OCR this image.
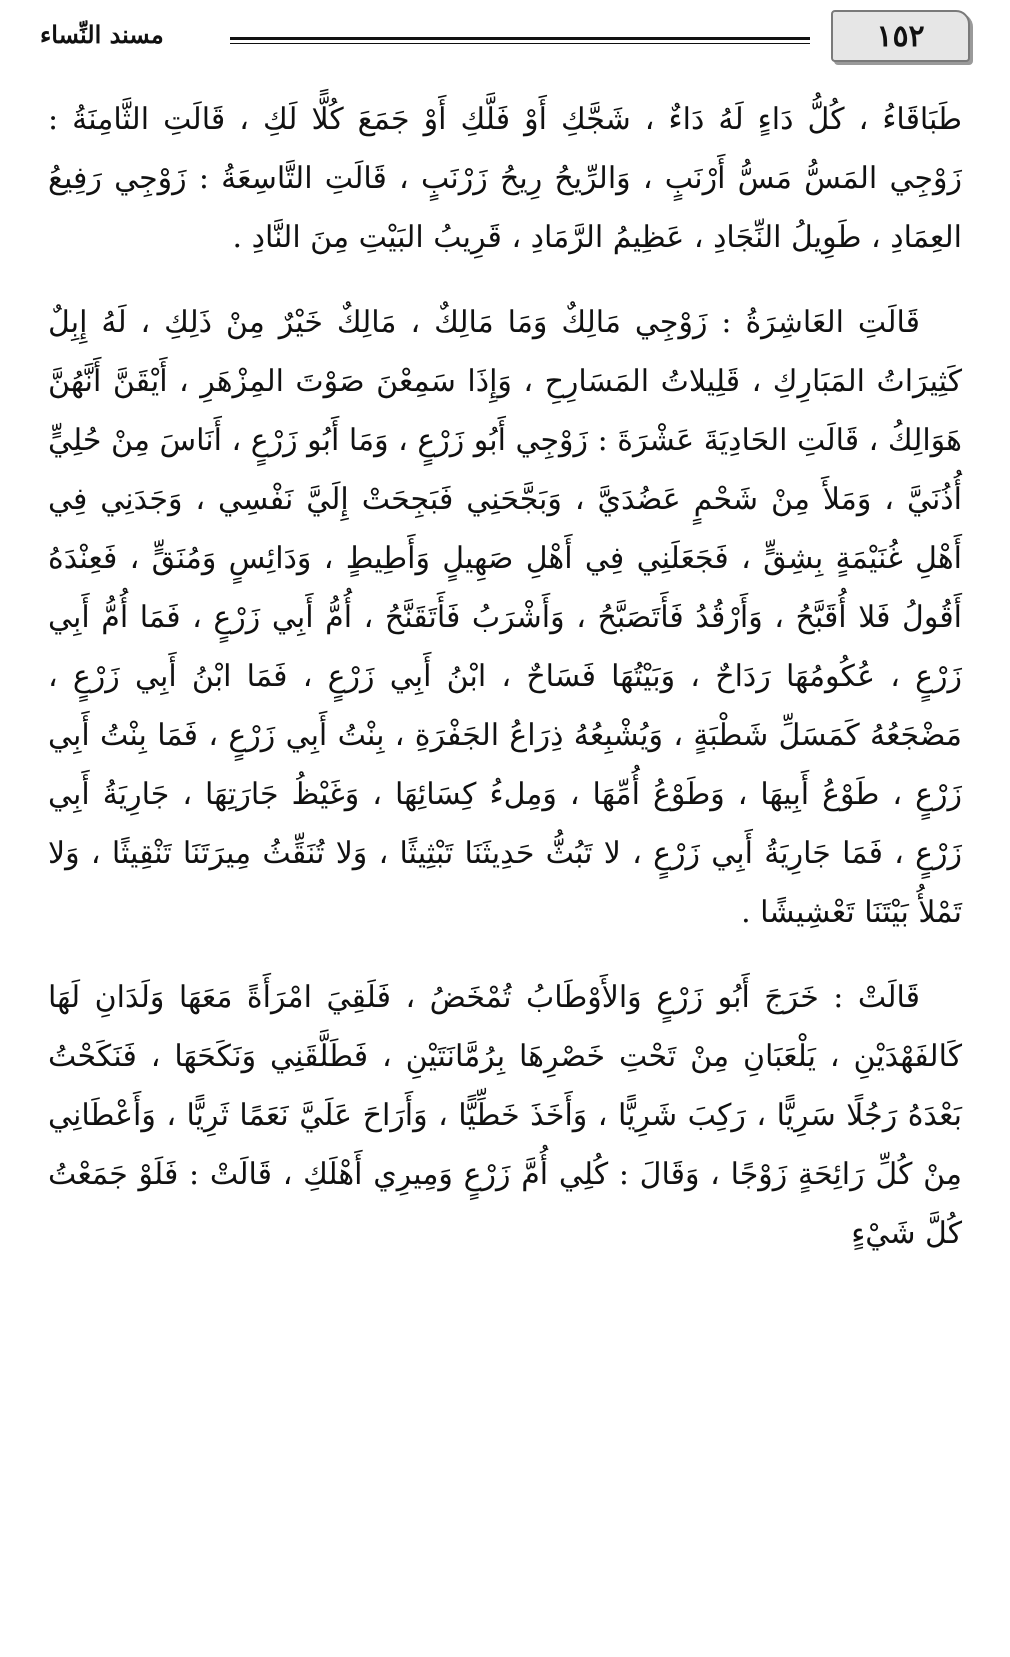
١٥٢
مسند النِّساء

طَبَاقَاءُ ، كُلُّ دَاءٍ لَهُ دَاءٌ ، شَجَّكِ أَوْ فَلَّكِ أَوْ جَمَعَ كُلًّا لَكِ ، قَالَتِ الثَّامِنَةُ : زَوْجِي المَسُّ مَسُّ أَرْنَبٍ ، وَالرِّيحُ رِيحُ زَرْنَبٍ ، قَالَتِ التَّاسِعَةُ : زَوْجِي رَفِيعُ العِمَادِ ، طَوِيلُ النِّجَادِ ، عَظِيمُ الرَّمَادِ ، قَرِيبُ البَيْتِ مِنَ النَّادِ .

قَالَتِ العَاشِرَةُ : زَوْجِي مَالِكٌ وَمَا مَالِكٌ ، مَالِكٌ خَيْرٌ مِنْ ذَلِكِ ، لَهُ إِبِلٌ كَثِيرَاتُ المَبَارِكِ ، قَلِيلاتُ المَسَارِحِ ، وَإِذَا سَمِعْنَ صَوْتَ المِزْهَرِ ، أَيْقَنَّ أَنَّهُنَّ هَوَالِكُ ، قَالَتِ الحَادِيَةَ عَشْرَةَ : زَوْجِي أَبُو زَرْعٍ ، وَمَا أَبُو زَرْعٍ ، أَنَاسَ مِنْ حُلِيٍّ أُذُنَيَّ ، وَمَلأَ مِنْ شَحْمٍ عَضُدَيَّ ، وَبَجَّحَنِي فَبَجِحَتْ إِلَيَّ نَفْسِي ، وَجَدَنِي فِي أَهْلِ غُنَيْمَةٍ بِشِقٍّ ، فَجَعَلَنِي فِي أَهْلِ صَهِيلٍ وَأَطِيطٍ ، وَدَائِسٍ وَمُنَقٍّ ، فَعِنْدَهُ أَقُولُ فَلا أُقَبَّحُ ، وَأَرْقُدُ فَأَتَصَبَّحُ ، وَأَشْرَبُ فَأَتَقَنَّحُ ، أُمُّ أَبِي زَرْعٍ ، فَمَا أُمُّ أَبِي زَرْعٍ ، عُكُومُهَا رَدَاحٌ ، وَبَيْتُهَا فَسَاحٌ ، ابْنُ أَبِي زَرْعٍ ، فَمَا ابْنُ أَبِي زَرْعٍ ، مَضْجَعُهُ كَمَسَلِّ شَطْبَةٍ ، وَيُشْبِعُهُ ذِرَاعُ الجَفْرَةِ ، بِنْتُ أَبِي زَرْعٍ ، فَمَا بِنْتُ أَبِي زَرْعٍ ، طَوْعُ أَبِيهَا ، وَطَوْعُ أُمِّهَا ، وَمِلءُ كِسَائِهَا ، وَغَيْظُ جَارَتِهَا ، جَارِيَةُ أَبِي زَرْعٍ ، فَمَا جَارِيَةُ أَبِي زَرْعٍ ، لا تَبُثُّ حَدِيثَنَا تَبْثِيثًا ، وَلا تُنَقِّثُ مِيرَتَنَا تَنْقِيثًا ، وَلا تَمْلأُ بَيْتَنَا تَعْشِيشًا .

قَالَتْ : خَرَجَ أَبُو زَرْعٍ وَالأَوْطَابُ تُمْخَضُ ، فَلَقِيَ امْرَأَةً مَعَهَا وَلَدَانِ لَهَا كَالفَهْدَيْنِ ، يَلْعَبَانِ مِنْ تَحْتِ خَصْرِهَا بِرُمَّانَتَيْنِ ، فَطَلَّقَنِي وَنَكَحَهَا ، فَنَكَحْتُ بَعْدَهُ رَجُلًا سَرِيًّا ، رَكِبَ شَرِيًّا ، وَأَخَذَ خَطِّيًّا ، وَأَرَاحَ عَلَيَّ نَعَمًا ثَرِيًّا ، وَأَعْطَانِي مِنْ كُلِّ رَائِحَةٍ زَوْجًا ، وَقَالَ : كُلِي أُمَّ زَرْعٍ وَمِيرِي أَهْلَكِ ، قَالَتْ : فَلَوْ جَمَعْتُ كُلَّ شَيْءٍ
